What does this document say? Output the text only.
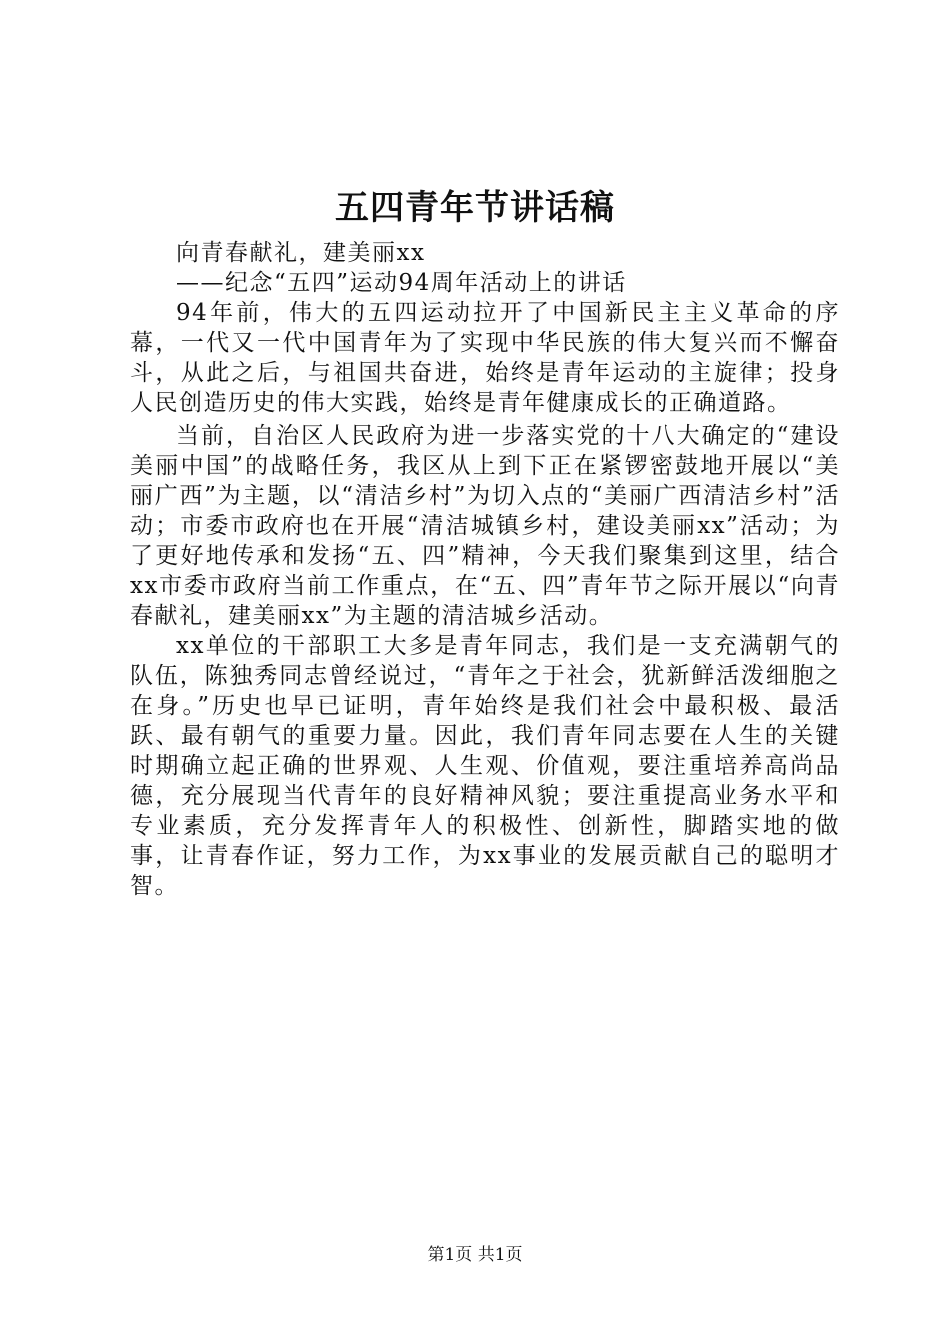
五四青年节讲话稿

向青春献礼，建美丽xx

——纪念“五四”运动94周年活动上的讲话

94年前，伟大的五四运动拉开了中国新民主主义革命的序幕，一代又一代中国青年为了实现中华民族的伟大复兴而不懈奋斗，从此之后，与祖国共奋进，始终是青年运动的主旋律；投身人民创造历史的伟大实践，始终是青年健康成长的正确道路。

当前，自治区人民政府为进一步落实党的十八大确定的“建设美丽中国”的战略任务，我区从上到下正在紧锣密鼓地开展以“美丽广西”为主题，以“清洁乡村”为切入点的“美丽广西清洁乡村”活动；市委市政府也在开展“清洁城镇乡村，建设美丽xx”活动；为了更好地传承和发扬“五、四”精神，今天我们聚集到这里，结合xx市委市政府当前工作重点，在“五、四”青年节之际开展以“向青春献礼，建美丽xx”为主题的清洁城乡活动。

xx单位的干部职工大多是青年同志，我们是一支充满朝气的队伍，陈独秀同志曾经说过，“青年之于社会，犹新鲜活泼细胞之在身。”历史也早已证明，青年始终是我们社会中最积极、最活跃、最有朝气的重要力量。因此，我们青年同志要在人生的关键时期确立起正确的世界观、人生观、价值观，要注重培养高尚品德，充分展现当代青年的良好精神风貌；要注重提高业务水平和专业素质，充分发挥青年人的积极性、创新性，脚踏实地的做事，让青春作证，努力工作，为xx事业的发展贡献自己的聪明才智。

第1页 共1页
